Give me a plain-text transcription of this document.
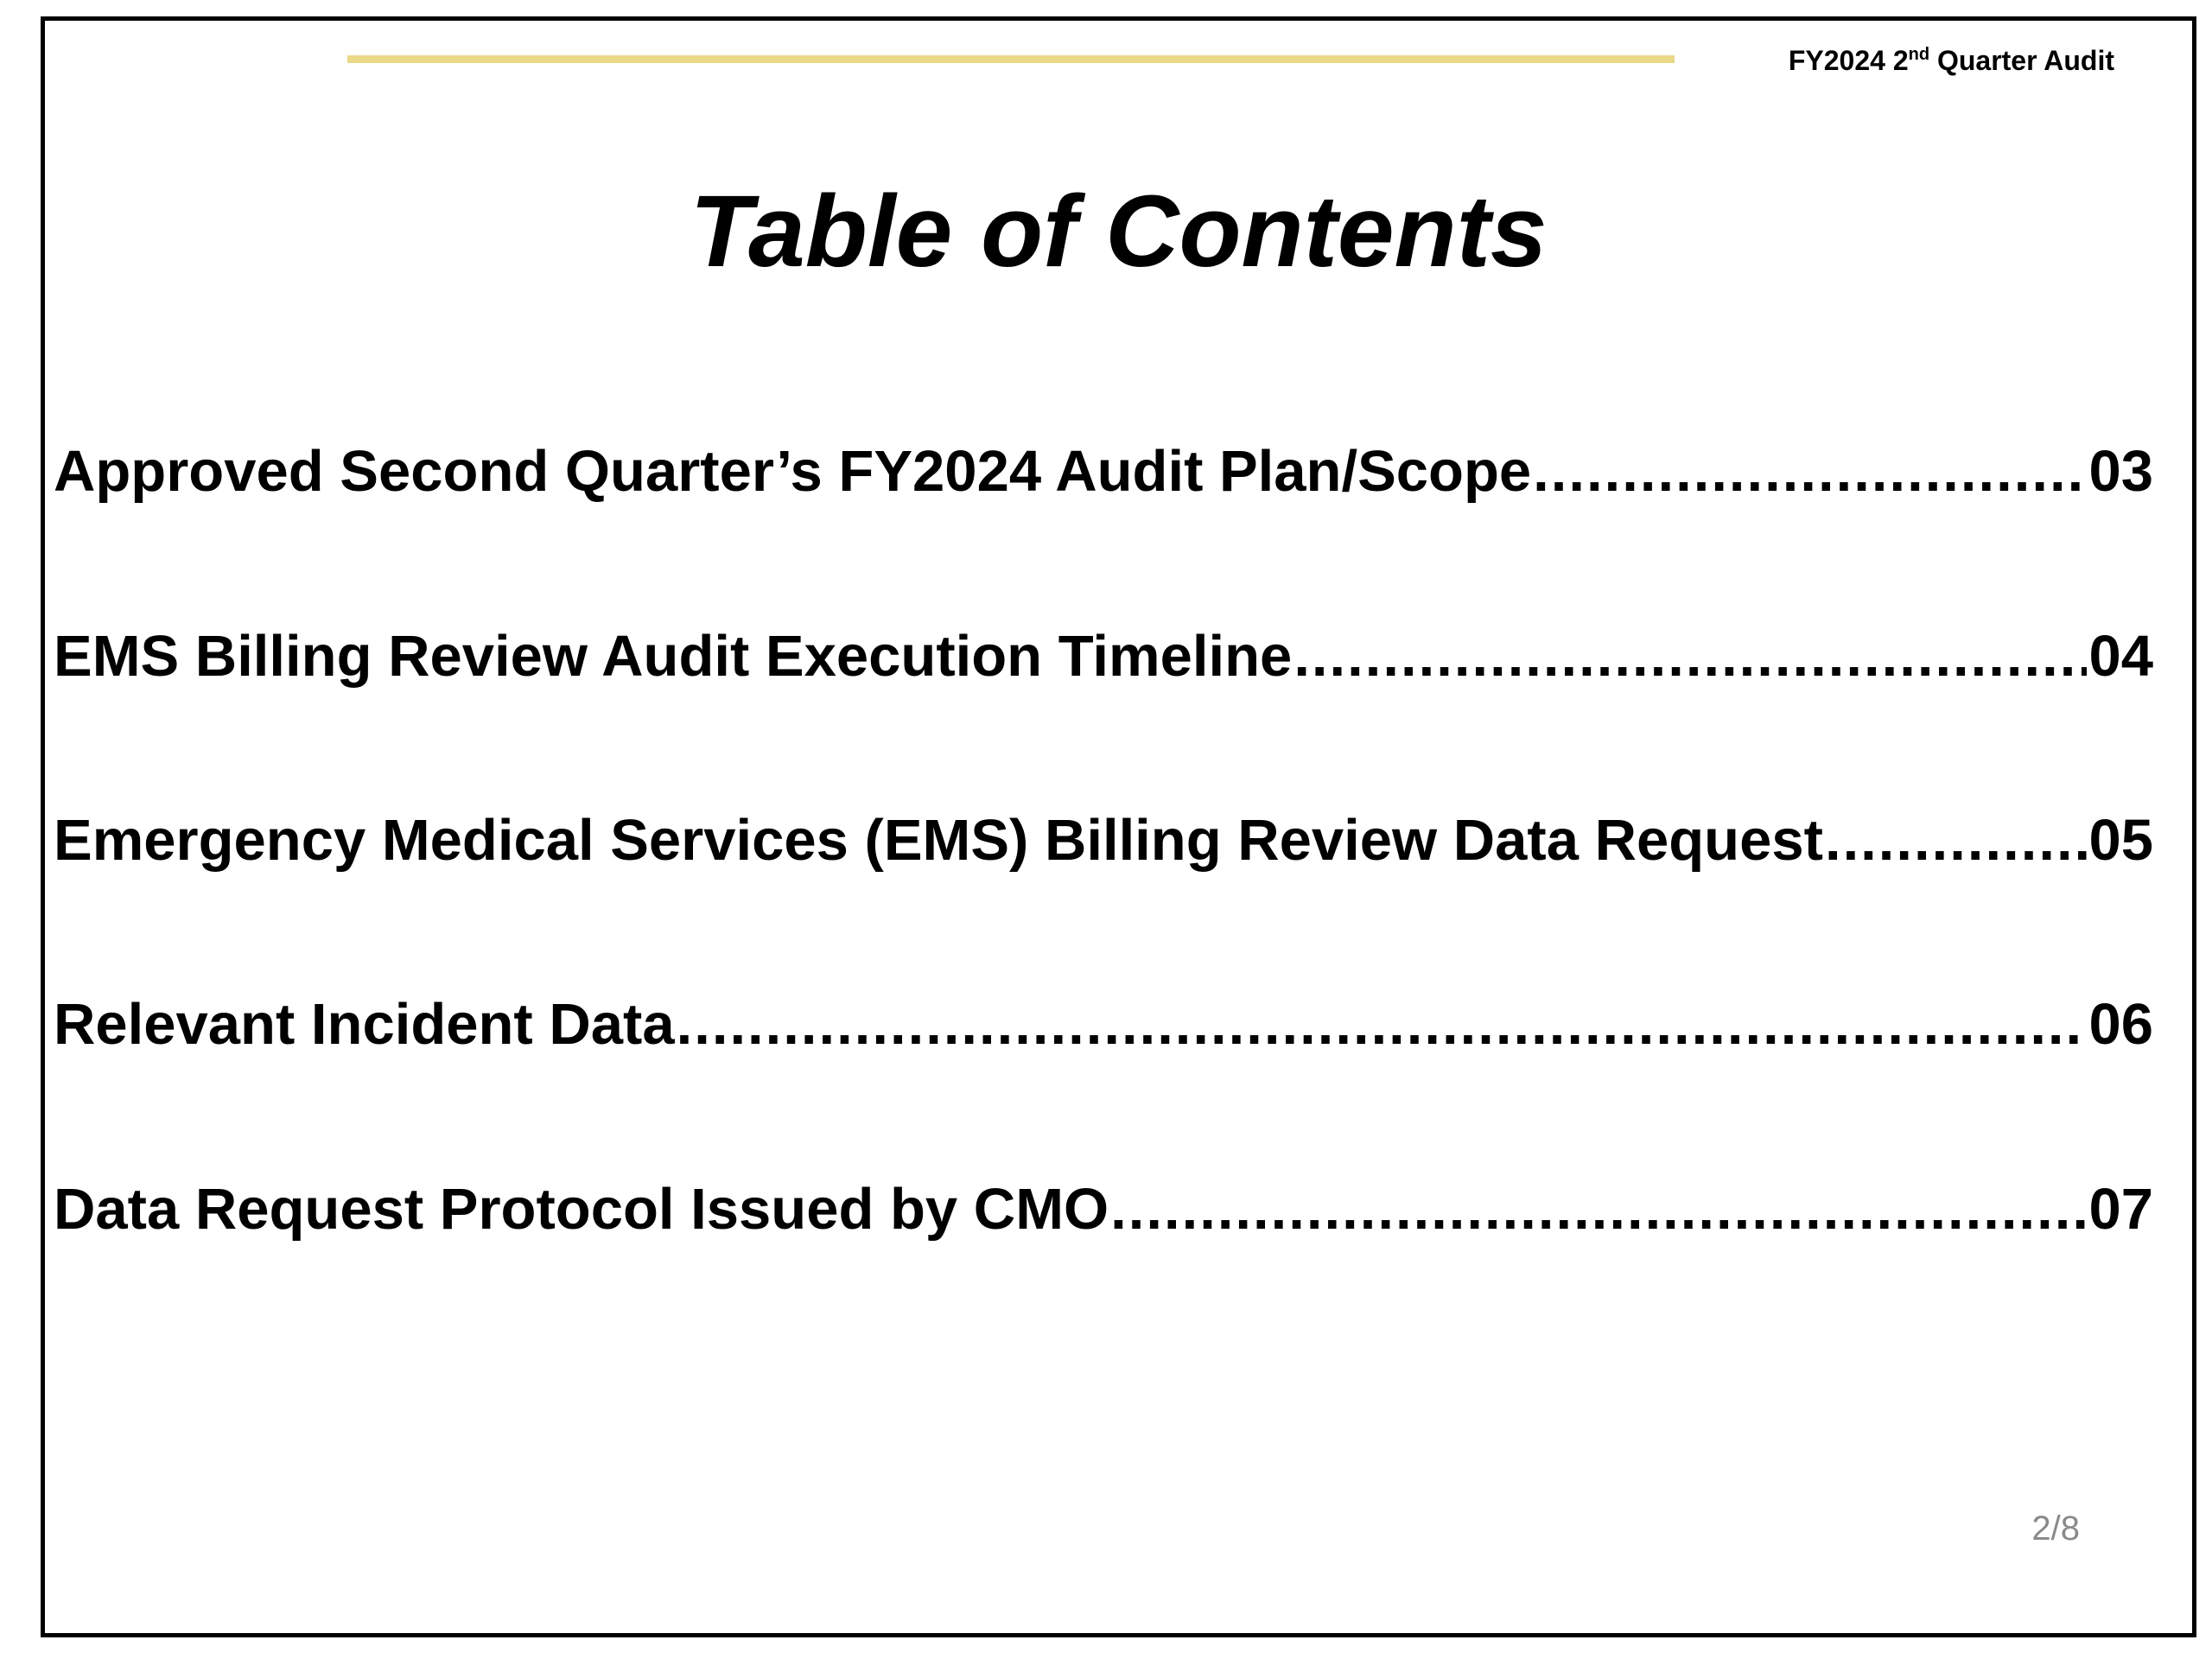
FY2024 2nd Quarter Audit
Table of Contents
Approved Second Quarter’s FY2024 Audit Plan/Scope .....	03
EMS Billing Review Audit Execution Timeline .....	04
Emergency Medical Services (EMS) Billing Review Data Request .....	05
Relevant Incident Data .....	06
Data Request Protocol Issued by CMO .....	07
2/8
